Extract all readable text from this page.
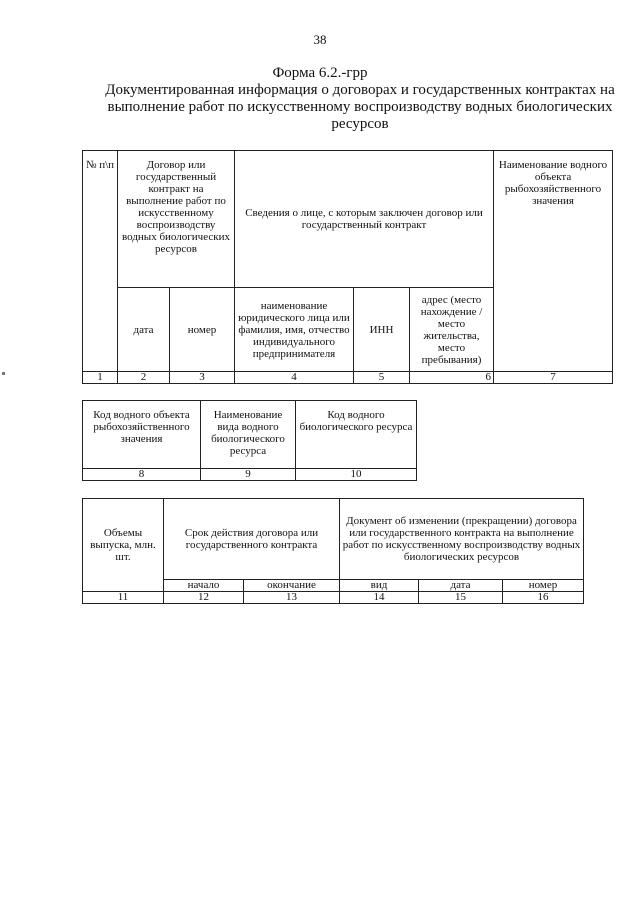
38
Форма 6.2.-грр
Документированная информация о договорах и государственных контрактах на выполнение работ по искусственному воспроизводству водных биологических ресурсов
№ п\п	Договор или государственный контракт на выполнение работ по искусственному воспроизводству водных биологических ресурсов		Сведения о лице, с которым заключен договор или государственный контракт			Наименование водного объекта рыбохозяйственного значения
	дата	номер	наименование юридического лица или фамилия, имя, отчество индивидуального предпринимателя	ИНН	адрес (место нахождение / место жительства, место пребывания)	
1	2	3	4	5	6	7
Код водного объекта рыбохозяйственного значения	Наименование вида водного биологического ресурса	Код водного биологического ресурса
8	9	10
Объемы выпуска, млн. шт.	Срок действия договора или государственного контракта		Документ об изменении (прекращении) договора или государственного контракта на выполнение работ по искусственному воспроизводству водных биологических ресурсов		
	начало	окончание	вид	дата	номер
11	12	13	14	15	16
